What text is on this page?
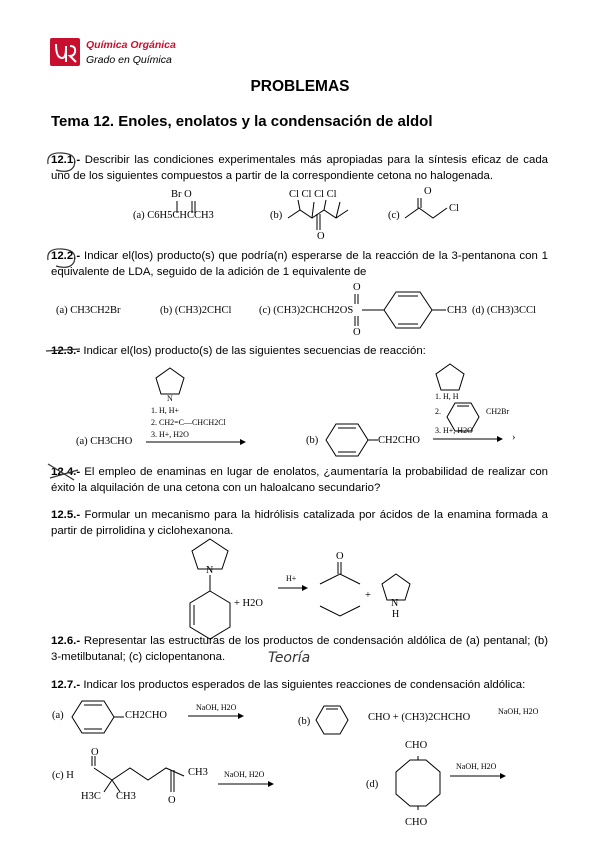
Química Orgánica
Grado en Química
PROBLEMAS
Tema 12. Enoles, enolatos y la condensación de aldol
12.1.- Describir las condiciones experimentales más apropiadas para la síntesis eficaz de cada uno de los siguientes compuestos a partir de la correspondiente cetona no halogenada.
Br O
(a) C6H5CHCCH3	(b)
Cl Cl Cl Cl
O
(c)
O
Cl
12.2.- Indicar el(los) producto(s) que podría(n) esperarse de la reacción de la 3-pentanona con 1 equivalente de LDA, seguido de la adición de 1 equivalente de
(a) CH3CH2Br	(b) (CH3)2CHCl	(c) (CH3)2CHCH2OS
O
O
CH3 (d) (CH3)3CCl
12.3.- Indicar el(los) producto(s) de las siguientes secuencias de reacción:
N
1. H, H+
2. CH2=C—CHCH2Cl
3. H+, H2O
(a) CH3CHO	(b)	CH2CHO
1. H, H
2.	CH2Br
3. H+, H2O
›
12.4.- El empleo de enaminas en lugar de enolatos, ¿aumentaría la probabilidad de realizar con éxito la alquilación de una cetona con un haloalcano secundario?
12.5.- Formular un mecanismo para la hidrólisis catalizada por ácidos de la enamina formada a partir de pirrolidina y ciclohexanona.
N
+ H2O
H+
O
+
N
H
12.6.- Representar las estructuras de los productos de condensación aldólica de (a) pentanal; (b) 3-metilbutanal; (c) ciclopentanona.	Teoría
12.7.- Indicar los productos esperados de las siguientes reacciones de condensación aldólica:
(a)	CH2CHO
NaOH, H2O
(b)	CHO + (CH3)2CHCHO
NaOH, H2O
(c) H
O
CH3
H3C CH3	O
NaOH, H2O
(d)
CHO
CHO
NaOH, H2O
